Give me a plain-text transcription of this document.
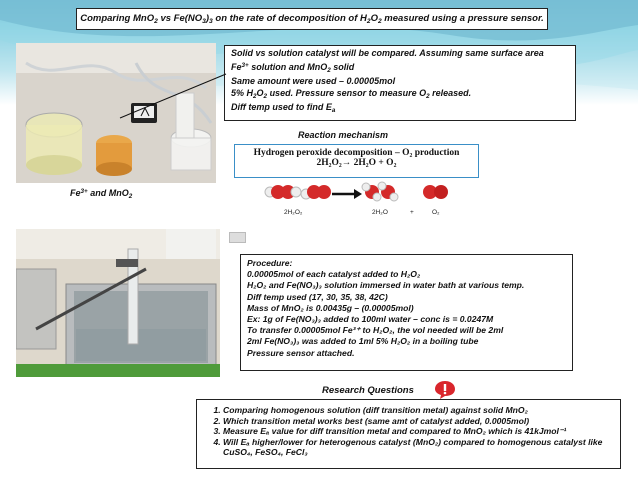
Comparing MnO$_2$ vs $Fe(NO_3)_3$ on the rate of decomposition of $H_2O_2$ measured using a pressure sensor.
Solid vs solution catalyst will be compared. Assuming same surface area
$Fe^{3+}$ solution and MnO$_2$ solid
Same amount were used – 0.00005mol
5% $H_2O_2$ used. Pressure sensor to measure $O_2$ released.
Diff temp used to find $E_a$
Reaction mechanism
Hydrogen peroxide decomposition – O₂ production
2H₂O₂→ 2H₂O + O₂
$Fe^{3+}$ and MnO$_2$
2H₂O₂	2H₂O	+	O₂
Procedure:
0.00005mol of each catalyst added to H₂O₂
H₂O₂ and Fe(NO₃)₃ solution immersed in water bath at various temp.
Diff temp used (17, 30, 35, 38, 42C)
Mass of MnO₂ is 0.00435g – (0.00005mol)
Ex: 1g of Fe(NO₃)₃ added to 100ml water – conc is = 0.0247M
To transfer 0.00005mol Fe³⁺ to H₂O₂, the vol needed will be 2ml
2ml Fe(NO₃)₃ was added to 1ml 5% H₂O₂ in a boiling tube
Pressure sensor attached.
Research Questions
1. Comparing homogenous solution (diff transition metal) against solid MnO₂
2. Which transition metal works best (same amt of catalyst added, 0.0005mol)
3. Measure Eₐ value for diff transition metal and compared to MnO₂ which is 41kJmol⁻¹
4. Will Eₐ higher/lower for heterogenous catalyst (MnO₂) compared to homogenous catalyst like CuSO₄, FeSO₄, FeCl₃
